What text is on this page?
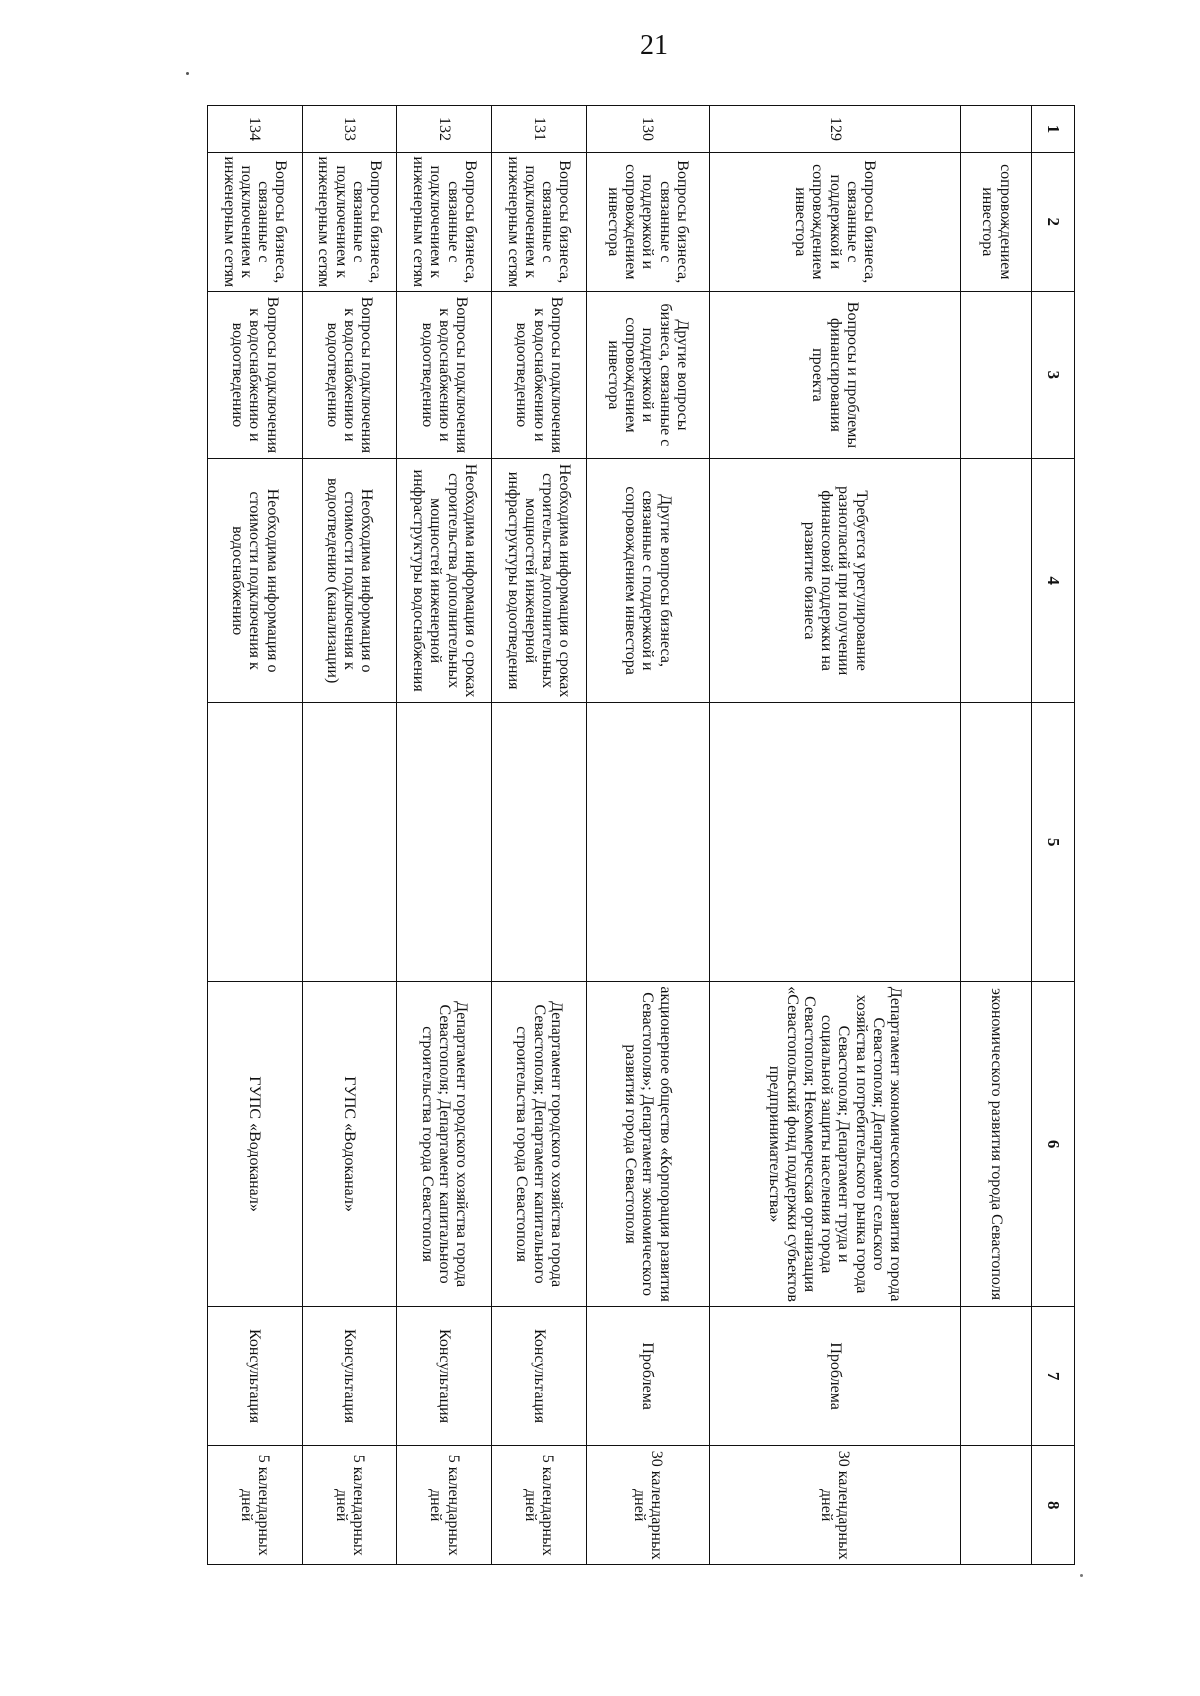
21
1	2	3	4	5	6	7	8
	сопровождением инвестора				экономического развития города Севастополя		
129	Вопросы бизнеса, связанные с поддержкой и сопровождением инвестора	Вопросы и проблемы финансирования проекта	Требуется урегулирование разногласий при получении финансовой поддержки на развитие бизнеса		Департамент экономического развития города Севастополя; Департамент сельского хозяйства и потребительского рынка города Севастополя; Департамент труда и социальной защиты населения города Севастополя; Некоммерческая организация «Севастопольский фонд поддержки субъектов предпринимательства»	Проблема	30 календарных дней
130	Вопросы бизнеса, связанные с поддержкой и сопровождением инвестора	Другие вопросы бизнеса, связанные с поддержкой и сопровождением инвестора	Другие вопросы бизнеса, связанные с поддержкой и сопровождением инвестора		акционерное общество «Корпорация развития Севастополя»; Департамент экономического развития города Севастополя	Проблема	30 календарных дней
131	Вопросы бизнеса, связанные с подключением к инженерным сетям	Вопросы подключения к водоснабжению и водоотведению	Необходима информация о сроках строительства дополнительных мощностей инженерной инфраструктуры водоотведения		Департамент городского хозяйства города Севастополя; Департамент капитального строительства города Севастополя	Консультация	5 календарных дней
132	Вопросы бизнеса, связанные с подключением к инженерным сетям	Вопросы подключения к водоснабжению и водоотведению	Необходима информация о сроках строительства дополнительных мощностей инженерной инфраструктуры водоснабжения		Департамент городского хозяйства города Севастополя; Департамент капитального строительства города Севастополя	Консультация	5 календарных дней
133	Вопросы бизнеса, связанные с подключением к инженерным сетям	Вопросы подключения к водоснабжению и водоотведению	Необходима информация о стоимости подключения к водоотведению (канализации)		ГУПС «Водоканал»	Консультация	5 календарных дней
134	Вопросы бизнеса, связанные с подключением к инженерным сетям	Вопросы подключения к водоснабжению и водоотведению	Необходима информация о стоимости подключения к водоснабжению		ГУПС «Водоканал»	Консультация	5 календарных дней
